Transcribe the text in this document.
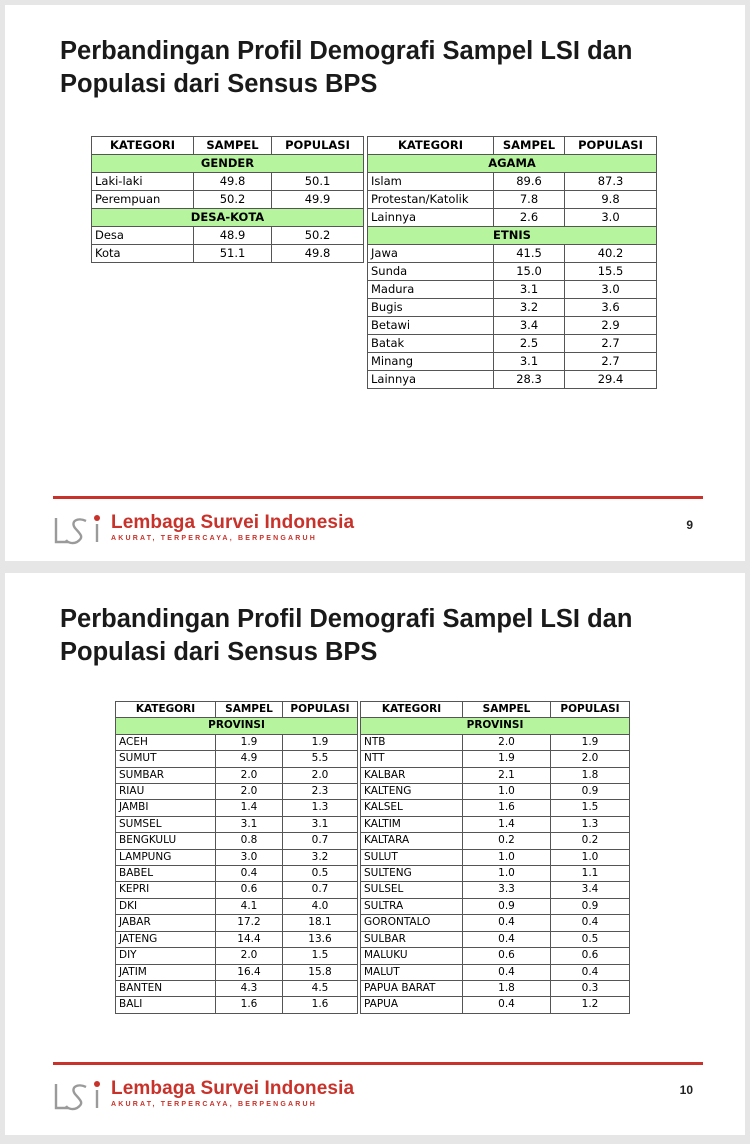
Perbandingan Profil Demografi Sampel LSI dan
Populasi dari Sensus BPS
KATEGORI	SAMPEL	POPULASI
GENDER		
Laki-laki	49.8	50.1
Perempuan	50.2	49.9
DESA-KOTA		
Desa	48.9	50.2
Kota	51.1	49.8
KATEGORI	SAMPEL	POPULASI
AGAMA		
Islam	89.6	87.3
Protestan/Katolik	7.8	9.8
Lainnya	2.6	3.0
ETNIS		
Jawa	41.5	40.2
Sunda	15.0	15.5
Madura	3.1	3.0
Bugis	3.2	3.6
Betawi	3.4	2.9
Batak	2.5	2.7
Minang	3.1	2.7
Lainnya	28.3	29.4
Lembaga Survei Indonesia
AKURAT, TERPERCAYA, BERPENGARUH
9
Perbandingan Profil Demografi Sampel LSI dan
Populasi dari Sensus BPS
KATEGORI	SAMPEL	POPULASI
PROVINSI		
ACEH	1.9	1.9
SUMUT	4.9	5.5
SUMBAR	2.0	2.0
RIAU	2.0	2.3
JAMBI	1.4	1.3
SUMSEL	3.1	3.1
BENGKULU	0.8	0.7
LAMPUNG	3.0	3.2
BABEL	0.4	0.5
KEPRI	0.6	0.7
DKI	4.1	4.0
JABAR	17.2	18.1
JATENG	14.4	13.6
DIY	2.0	1.5
JATIM	16.4	15.8
BANTEN	4.3	4.5
BALI	1.6	1.6
KATEGORI	SAMPEL	POPULASI
PROVINSI		
NTB	2.0	1.9
NTT	1.9	2.0
KALBAR	2.1	1.8
KALTENG	1.0	0.9
KALSEL	1.6	1.5
KALTIM	1.4	1.3
KALTARA	0.2	0.2
SULUT	1.0	1.0
SULTENG	1.0	1.1
SULSEL	3.3	3.4
SULTRA	0.9	0.9
GORONTALO	0.4	0.4
SULBAR	0.4	0.5
MALUKU	0.6	0.6
MALUT	0.4	0.4
PAPUA BARAT	1.8	0.3
PAPUA	0.4	1.2
Lembaga Survei Indonesia
AKURAT, TERPERCAYA, BERPENGARUH
10
